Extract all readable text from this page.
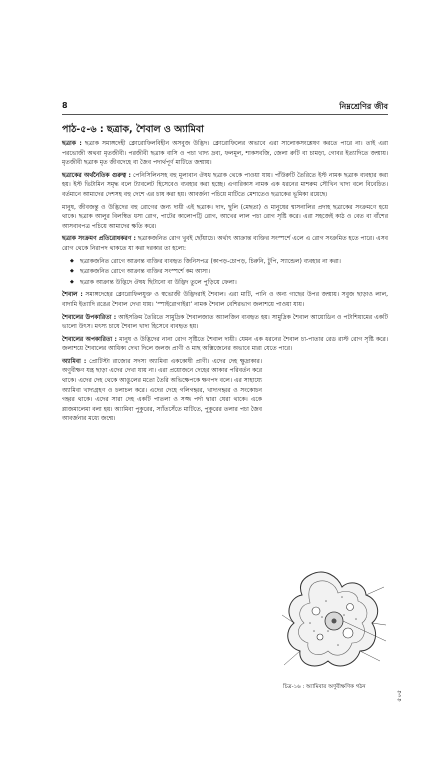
8	নিম্নশ্রেণির জীব
পাঠ-৫-৬ : ছত্রাক, শৈবাল ও অ্যামিবা

ছত্রাক : ছত্রাক সমাঙ্গদেহী ক্লোরোফিলবিহীন অসবুজ উদ্ভিদ। ক্লোরোফিলের অভাবে এরা সালোকসংশ্লেষণ করতে পারে না। তাই এরা পরভোজী অথবা মৃতজীবী। পরজীবী ছত্রাক বাসি ও পচা খাদ্য দ্রব্য, ফলমূল, শাকসবজি, জেলা রুটি বা চামড়া, গোবর ইত্যাদিতে জন্মায়। মৃতজীবী ছত্রাক মৃত জীবদেহে বা জৈব পদার্থপূর্ণ মাটিতে জন্মায়।

ছত্রাকের অর্থনৈতিক গুরুত্ব : পেনিসিলিনসহ বহু মূল্যবান ঔষধ ছত্রাক থেকে পাওয়া যায়। পাঁউরুটি তৈরিতে ইস্ট নামক ছত্রাক ব্যবহার করা হয়। ইস্ট ভিটামিন সমৃদ্ধ বলে ট্যাবলেট হিসেবেও ব্যবহার করা হচ্ছে। এগারিকাস নামক এক ধরনের মাশরুম সৌখিন খাদ্য বলে বিবেচিত। বর্তমানে আমাদের দেশসহ বহু দেশে এর চাষ করা হয়। আবর্জনা পচিয়ে মাটিতে মেশাতেও ছত্রাকের ভূমিকা রয়েছে।

মানুষ, জীবজন্তু ও উদ্ভিদের বহু রোগের জন্য দায়ী এই ছত্রাক। দাদ, ছুলি (মেছতা) ও মানুষের শ্বাসনালির প্রদাহ ছত্রাকের সংক্রমণে হয়ে থাকে। ছত্রাক আলুর বিলম্বিত ধসা রোগ, পাটের কালোপট্টি রোগ, আখের লাল পচা রোগ সৃষ্টি করে। এরা সহজেই কাঠ ও বেত বা বাঁশের আসবাবপত্র পচিয়ে আমাদের ক্ষতি করে।

ছত্রাক সংক্রমণ প্রতিরোধকরণ : ছত্রাকজনিত রোগ খুবই ছোঁয়াচে। অর্থাৎ আক্রান্ত ব্যক্তির সংস্পর্শে এলে এ রোগ সংক্রমিত হতে পারে। এসব রোগ থেকে নিরাপদ থাকতে যা করা দরকার তা হলো:

◆ ছত্রাকজনিত রোগে আক্রান্ত ব্যক্তির ব্যবহৃত জিনিসপত্র (কাপড়-চোপড়, চিরুনি, টুপি, স্যান্ডেল) ব্যবহার না করা।
◆ ছত্রাকজনিত রোগে আক্রান্ত ব্যক্তির সংস্পর্শে কম আসা।
◆ ছত্রাক আক্রান্ত উদ্ভিদে ঔষধ ছিটানো বা উদ্ভিদ তুলে পুড়িয়ে ফেলা।

শৈবাল : সমাঙ্গদেহের ক্লোরোফিলযুক্ত ও স্বভোজী উদ্ভিদরাই শৈবাল। এরা মাটি, পানি ও অন্য গাছের উপর জন্মায়। সবুজ ছাড়াও লাল, বাদামি ইত্যাদি রঙের শৈবাল দেখা যায়। ‘স্পাইরোগাইরা’ নামক শৈবাল বেশিরভাগ জলাশয়ে পাওয়া যায়।

শৈবালের উপকারিতা : আইসক্রিম তৈরিতে সামুদ্রিক শৈবালজাত অ্যালজিন ব্যবহৃত হয়। সামুদ্রিক শৈবাল আয়োডিন ও পটাশিয়ামের একটি ভালো উৎস। মৎস্য চাষে শৈবাল খাদ্য হিসেবে ব্যবহৃত হয়।

শৈবালের অপকারিতা : মানুষ ও উদ্ভিদের নানা রোগ সৃষ্টিতে শৈবাল দায়ী। যেমন এক ধরনের শৈবাল চা-পাতার রেড রাস্ট রোগ সৃষ্টি করে। জলাশয়ে শৈবালের আধিক্য দেখা দিলে জলজ প্রাণী ও মাছ অক্সিজেনের অভাবে মারা যেতে পারে।

অ্যামিবা : প্রোটিস্টা রাজ্যের সদস্য অ্যামিবা এককোষী প্রাণী। এদের দেহ ক্ষুদ্রাকার। অণুবীক্ষণ যন্ত্র ছাড়া এদের দেখা যায় না। এরা প্রয়োজনে দেহের আকার পরিবর্তন করে থাকে। এদের দেহ থেকে আঙুলের মতো তৈরি অভিক্ষেপকে ক্ষণপদ বলে। এর সাহায্যে অ্যামিবা খাদ্যগ্রহণ ও চলাচল করে। এদের দেহে গলিগহ্বর, খাদ্যগহ্বর ও সংকোচন গহ্বর থাকে। এদের সারা দেহ একটি পাতলা ও সজ্জ পর্দা দ্বারা ঘেরা থাকে। একে প্লাজমালেমা বলা হয়। অ্যামিবা পুকুরের, স্যাঁতসেঁতে মাটিতে, পুকুরের তলার পচা জৈব আবর্জনার মধ্যে জন্মে।

চিত্র-১৬ : অ্যামিবার অণুবীক্ষণিক গঠন
৫০৫
